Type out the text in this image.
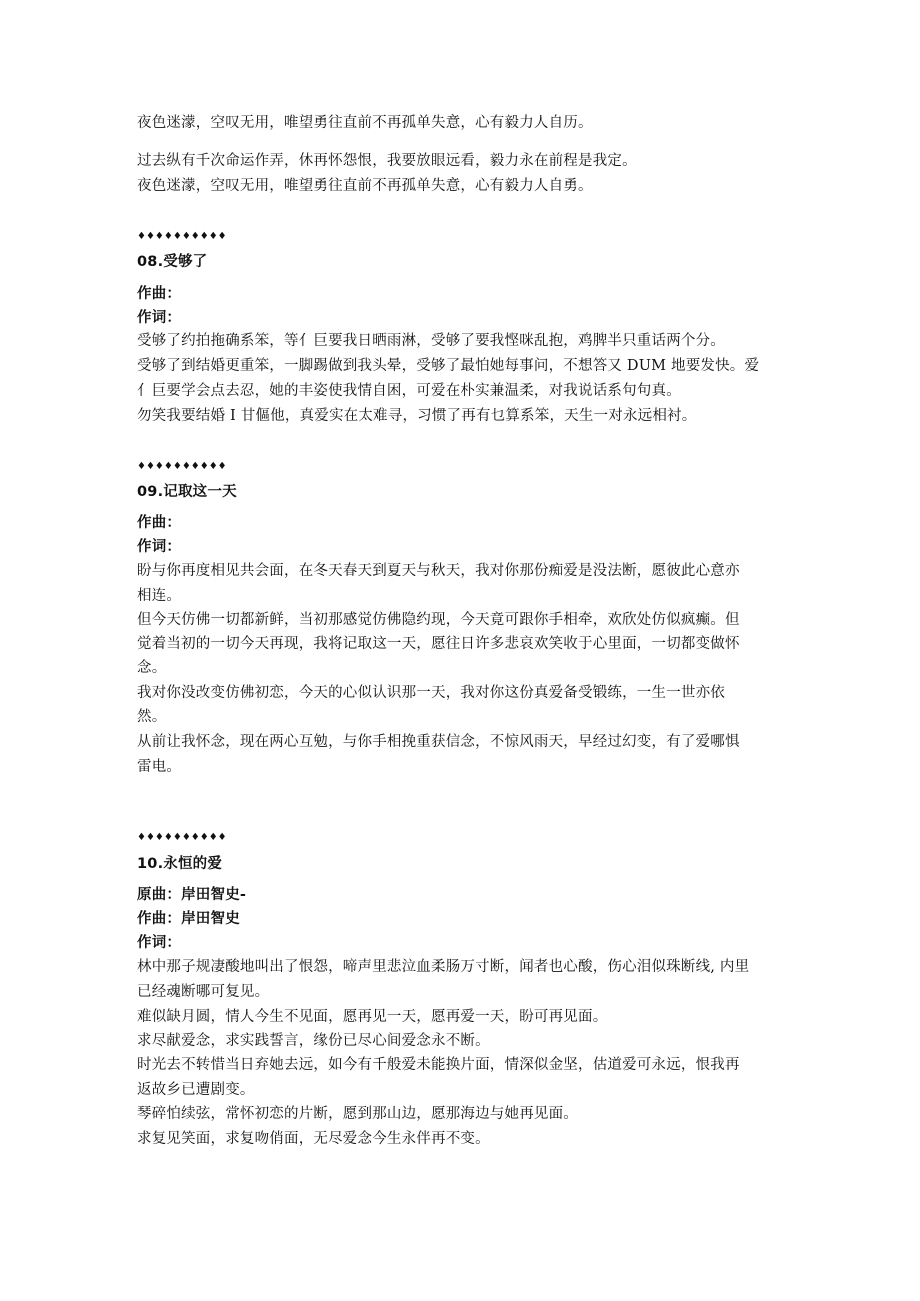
夜色迷濛，空叹无用，唯望勇往直前不再孤单失意，心有毅力人自历。
过去纵有千次命运作弄，休再怀怨恨，我要放眼远看，毅力永在前程是我定。
夜色迷濛，空叹无用，唯望勇往直前不再孤单失意，心有毅力人自勇。
♦♦♦♦♦♦♦♦♦♦
08.受够了
作曲：
作词：
受够了约拍拖确系笨，等亻巨要我日晒雨淋，受够了要我悭咪乱抱，鸡脾半只重话两个分。
受够了到结婚更重笨，一脚踢做到我头晕，受够了最怕她每事问，不想答又 DUM 地要发快。爱
亻巨要学会点去忍，她的丰姿使我情自困，可爱在朴实兼温柔，对我说话系句句真。
勿笑我要结婚 I 甘傴他，真爱实在太难寻，习惯了再有乜算系笨，天生一对永远相衬。
♦♦♦♦♦♦♦♦♦♦
09.记取这一天
作曲：
作词：
盼与你再度相见共会面，在冬天春天到夏天与秋天，我对你那份痴爱是没法断，愿彼此心意亦
相连。
但今天仿佛一切都新鲜，当初那感觉仿佛隐约现，今天竟可跟你手相牵，欢欣处仿似疯癫。但
觉着当初的一切今天再现，我将记取这一天，愿往日许多悲哀欢笑收于心里面，一切都变做怀
念。
我对你没改变仿佛初恋，今天的心似认识那一天，我对你这份真爱备受锻练，一生一世亦依
然。
从前让我怀念，现在两心互勉，与你手相挽重获信念，不惊风雨天，早经过幻变，有了爱哪惧
雷电。
♦♦♦♦♦♦♦♦♦♦
10.永恒的爱
原曲：岸田智史-
作曲：岸田智史
作词：
林中那子规凄酸地叫出了恨怨，啼声里悲泣血柔肠万寸断，闻者也心酸，伤心泪似珠断线, 内里
已经魂断哪可复见。
难似缺月圆，情人今生不见面，愿再见一天，愿再爱一天，盼可再见面。
求尽献爱念，求实践誓言，缘份已尽心间爱念永不断。
时光去不转惜当日弃她去远，如今有千般爱未能换片面，情深似金坚，估道爱可永远，恨我再
返故乡已遭剧变。
琴碎怕续弦，常怀初恋的片断，愿到那山边，愿那海边与她再见面。
求复见笑面，求复吻俏面，无尽爱念今生永伴再不变。
